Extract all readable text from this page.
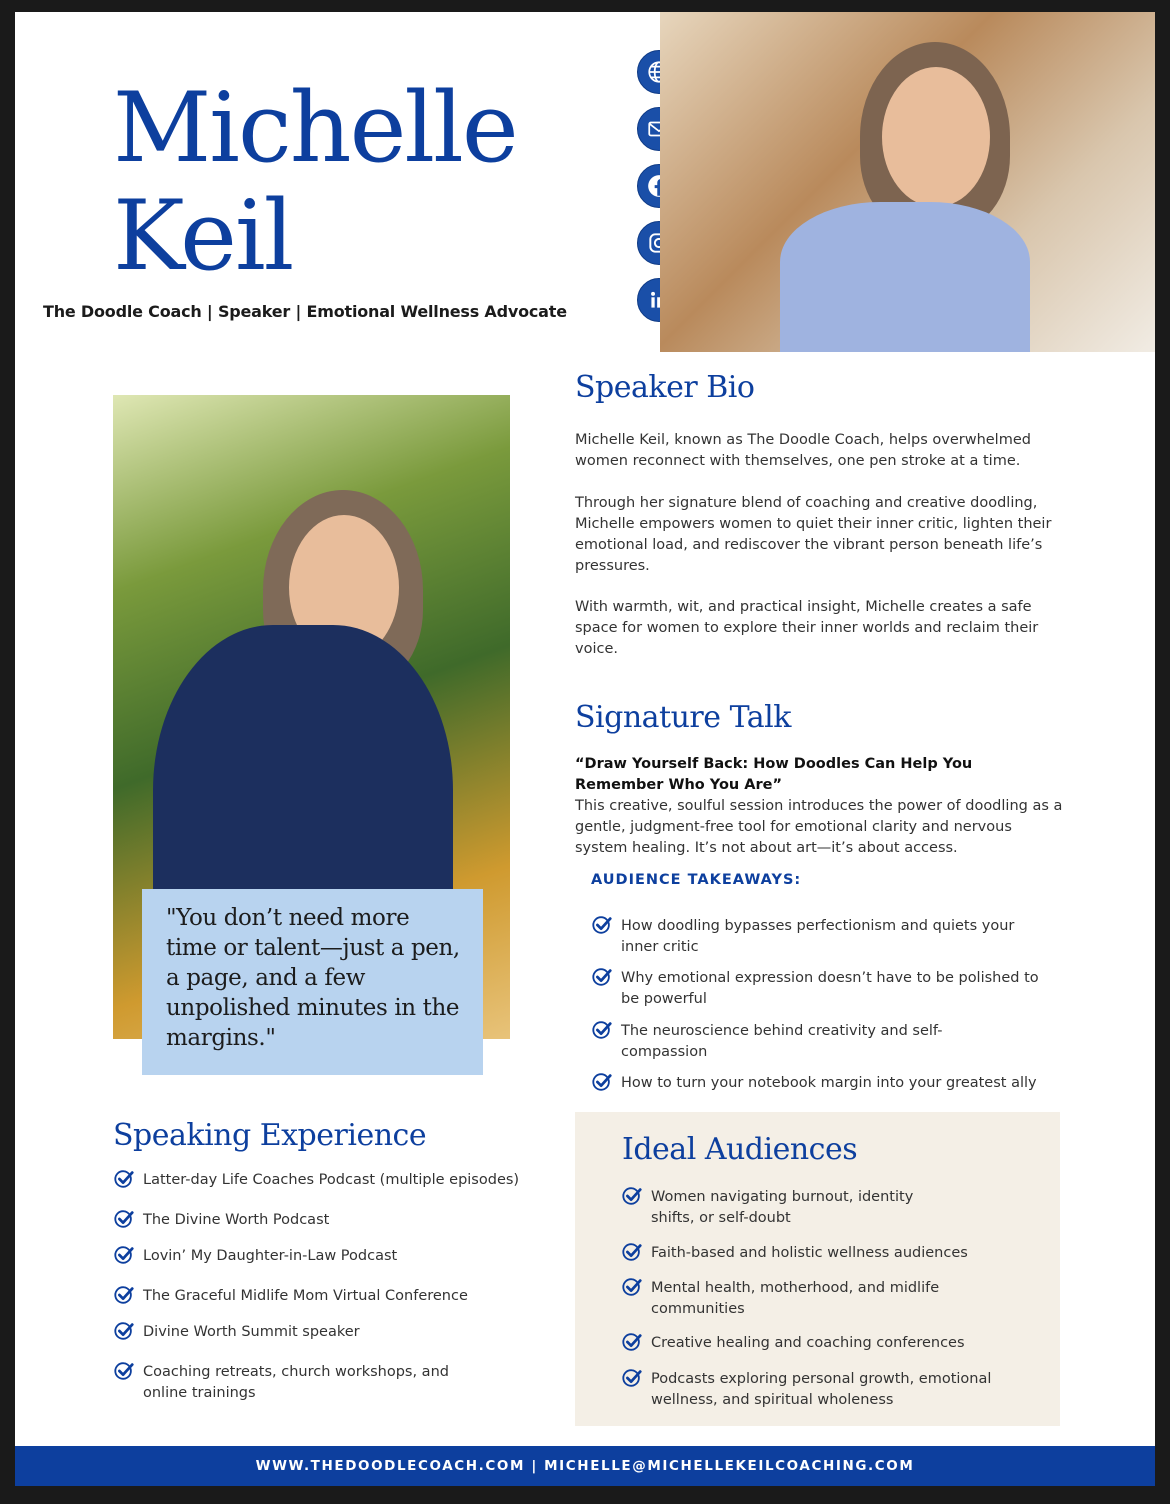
Michelle
Keil
The Doodle Coach | Speaker | Emotional Wellness Advocate
"You don’t need more time or talent—just a pen, a page, and a few unpolished minutes in the margins."
Speaker Bio

Michelle Keil, known as The Doodle Coach, helps overwhelmed women reconnect with themselves, one pen stroke at a time.

Through her signature blend of coaching and creative doodling, Michelle empowers women to quiet their inner critic, lighten their emotional load, and rediscover the vibrant person beneath life’s pressures.

With warmth, wit, and practical insight, Michelle creates a safe space for women to explore their inner worlds and reclaim their voice.

Signature Talk
“Draw Yourself Back: How Doodles Can Help You Remember Who You Are”

This creative, soulful session introduces the power of doodling as a gentle, judgment-free tool for emotional clarity and nervous system healing. It’s not about art—it’s about access.

AUDIENCE TAKEAWAYS:
How doodling bypasses perfectionism and quiets your inner critic
Why emotional expression doesn’t have to be polished to be powerful
The neuroscience behind creativity and self-compassion
How to turn your notebook margin into your greatest ally
Speaking Experience
Latter-day Life Coaches Podcast (multiple episodes)
The Divine Worth Podcast
Lovin’ My Daughter-in-Law Podcast
The Graceful Midlife Mom Virtual Conference
Divine Worth Summit speaker
Coaching retreats, church workshops, and online trainings
Ideal Audiences
Women navigating burnout, identity shifts, or self-doubt
Faith-based and holistic wellness audiences
Mental health, motherhood, and midlife communities
Creative healing and coaching conferences
Podcasts exploring personal growth, emotional wellness, and spiritual wholeness
WWW.THEDOODLECOACH.COM | MICHELLE@MICHELLEKEILCOACHING.COM
